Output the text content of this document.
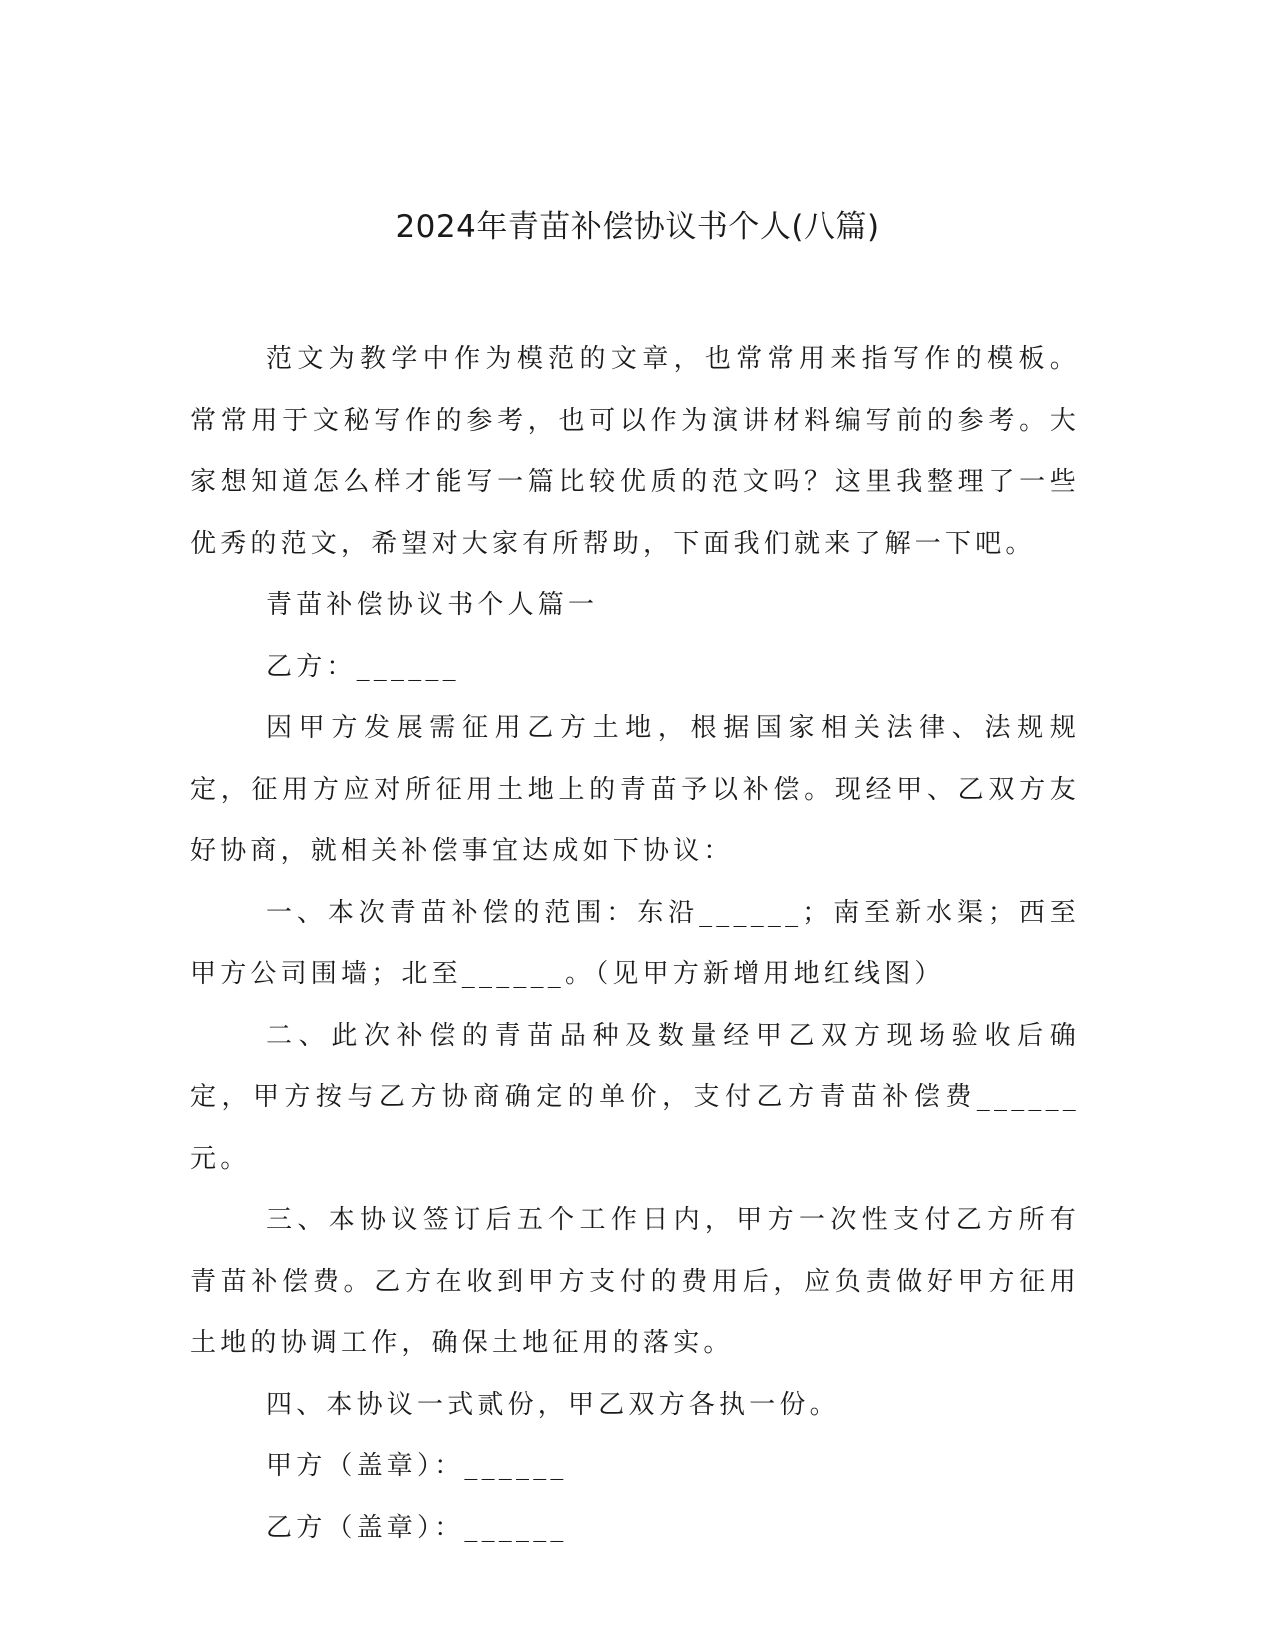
2024年青苗补偿协议书个人(八篇)

范文为教学中作为模范的文章，也常常用来指写作的模板。常常用于文秘写作的参考，也可以作为演讲材料编写前的参考。大家想知道怎么样才能写一篇比较优质的范文吗？这里我整理了一些优秀的范文，希望对大家有所帮助，下面我们就来了解一下吧。

青苗补偿协议书个人篇一

乙方：______

因甲方发展需征用乙方土地，根据国家相关法律、法规规定，征用方应对所征用土地上的青苗予以补偿。现经甲、乙双方友好协商，就相关补偿事宜达成如下协议：

一、本次青苗补偿的范围：东沿______；南至新水渠；西至甲方公司围墙；北至______。（见甲方新增用地红线图）

二、此次补偿的青苗品种及数量经甲乙双方现场验收后确定，甲方按与乙方协商确定的单价，支付乙方青苗补偿费______元。

三、本协议签订后五个工作日内，甲方一次性支付乙方所有青苗补偿费。乙方在收到甲方支付的费用后，应负责做好甲方征用土地的协调工作，确保土地征用的落实。

四、本协议一式贰份，甲乙双方各执一份。

甲方（盖章）：______

乙方（盖章）：______
